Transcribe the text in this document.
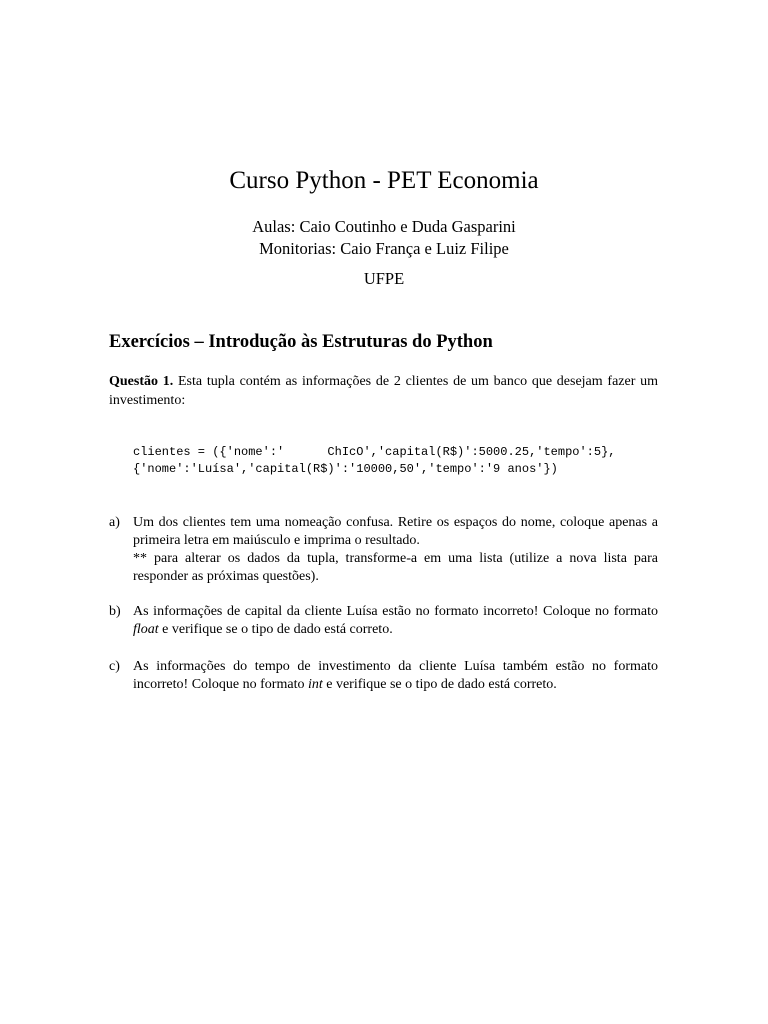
Curso Python - PET Economia
Aulas: Caio Coutinho e Duda Gasparini
Monitorias: Caio França e Luiz Filipe
UFPE
Exercícios – Introdução às Estruturas do Python
Questão 1. Esta tupla contém as informações de 2 clientes de um banco que desejam fazer um investimento:
clientes = ({'nome':'      ChIcO','capital(R$)':5000.25,'tempo':5},
{'nome':'Luísa','capital(R$)':'10000,50','tempo':'9 anos'})
a) Um dos clientes tem uma nomeação confusa. Retire os espaços do nome, coloque apenas a primeira letra em maiúsculo e imprima o resultado.
** para alterar os dados da tupla, transforme-a em uma lista (utilize a nova lista para responder as próximas questões).
b) As informações de capital da cliente Luísa estão no formato incorreto! Coloque no formato float e verifique se o tipo de dado está correto.
c) As informações do tempo de investimento da cliente Luísa também estão no formato incorreto! Coloque no formato int e verifique se o tipo de dado está correto.
